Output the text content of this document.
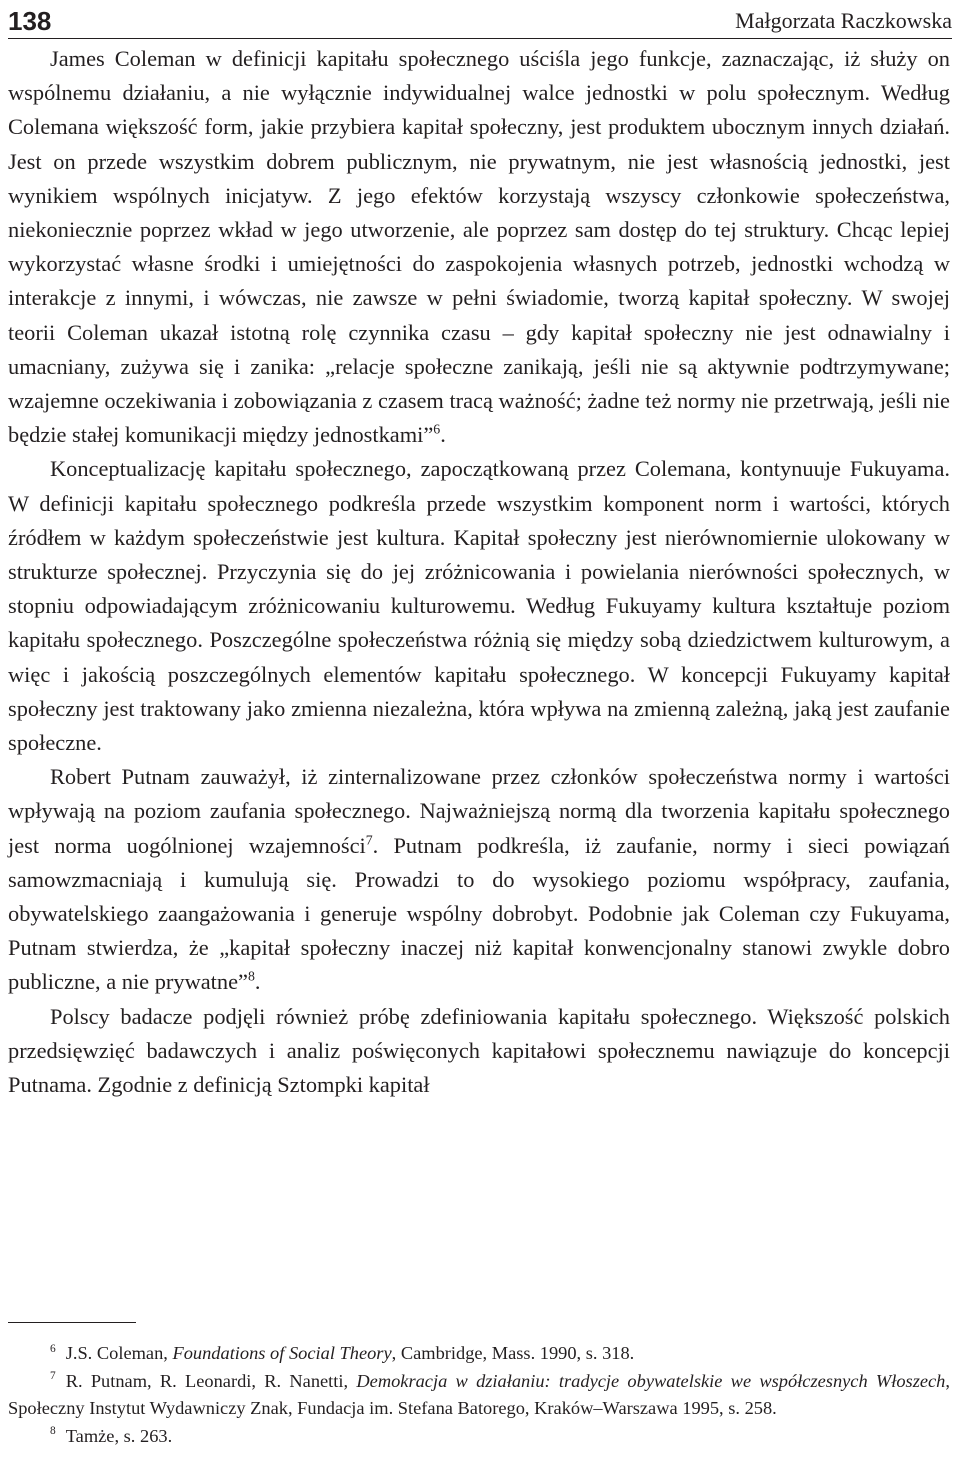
138	Małgorzata Raczkowska

James Coleman w definicji kapitału społecznego uściśla jego funkcje, zaznaczając, iż służy on wspólnemu działaniu, a nie wyłącznie indywidualnej walce jednostki w polu społecznym. Według Colemana większość form, jakie przybiera kapitał społeczny, jest produktem ubocznym innych działań. Jest on przede wszystkim dobrem publicznym, nie prywatnym, nie jest własnością jednostki, jest wynikiem wspólnych inicjatyw. Z jego efektów korzystają wszyscy członkowie społeczeństwa, niekoniecznie poprzez wkład w jego utworzenie, ale poprzez sam dostęp do tej struktury. Chcąc lepiej wykorzystać własne środki i umiejętności do zaspokojenia własnych potrzeb, jednostki wchodzą w interakcje z innymi, i wówczas, nie zawsze w pełni świadomie, tworzą kapitał społeczny. W swojej teorii Coleman ukazał istotną rolę czynnika czasu – gdy kapitał społeczny nie jest odnawialny i umacniany, zużywa się i zanika: „relacje społeczne zanikają, jeśli nie są aktywnie podtrzymywane; wzajemne oczekiwania i zobowiązania z czasem tracą ważność; żadne też normy nie przetrwają, jeśli nie będzie stałej komunikacji między jednostkami”$^6$.

Konceptualizację kapitału społecznego, zapoczątkowaną przez Colemana, kontynuuje Fukuyama. W definicji kapitału społecznego podkreśla przede wszystkim komponent norm i wartości, których źródłem w każdym społeczeństwie jest kultura. Kapitał społeczny jest nierównomiernie ulokowany w strukturze społecznej. Przyczynia się do jej zróżnicowania i powielania nierówności społecznych, w stopniu odpowiadającym zróżnicowaniu kulturowemu. Według Fukuyamy kultura kształtuje poziom kapitału społecznego. Poszczególne społeczeństwa różnią się między sobą dziedzictwem kulturowym, a więc i jakością poszczególnych elementów kapitału społecznego. W koncepcji Fukuyamy kapitał społeczny jest traktowany jako zmienna niezależna, która wpływa na zmienną zależną, jaką jest zaufanie społeczne.

Robert Putnam zauważył, iż zinternalizowane przez członków społeczeństwa normy i wartości wpływają na poziom zaufania społecznego. Najważniejszą normą dla tworzenia kapitału społecznego jest norma uogólnionej wzajemności$^7$. Putnam podkreśla, iż zaufanie, normy i sieci powiązań samowzmacniają i kumulują się. Prowadzi to do wysokiego poziomu współpracy, zaufania, obywatelskiego zaangażowania i generuje wspólny dobrobyt. Podobnie jak Coleman czy Fukuyama, Putnam stwierdza, że „kapitał społeczny inaczej niż kapitał konwencjonalny stanowi zwykle dobro publiczne, a nie prywatne”$^8$.

Polscy badacze podjęli również próbę zdefiniowania kapitału społecznego. Większość polskich przedsięwzięć badawczych i analiz poświęconych kapitałowi społecznemu nawiązuje do koncepcji Putnama. Zgodnie z definicją Sztompki kapitał

$^6$ J.S. Coleman, Foundations of Social Theory, Cambridge, Mass. 1990, s. 318.

$^7$ R. Putnam, R. Leonardi, R. Nanetti, Demokracja w działaniu: tradycje obywatelskie we współczesnych Włoszech, Społeczny Instytut Wydawniczy Znak, Fundacja im. Stefana Batorego, Kraków–Warszawa 1995, s. 258.

$^8$ Tamże, s. 263.
